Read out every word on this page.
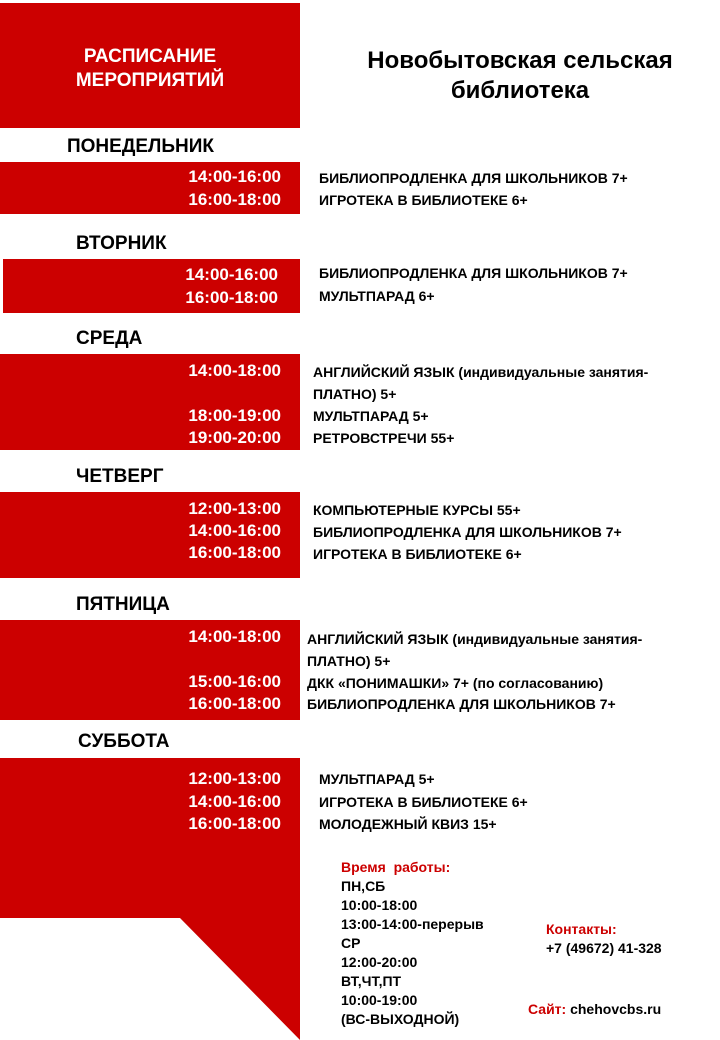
РАСПИСАНИЕ
МЕРОПРИЯТИЙ
Новобытовская сельская
библиотека
ПОНЕДЕЛЬНИК
14:00-16:00
16:00-18:00
БИБЛИОПРОДЛЕНКА ДЛЯ ШКОЛЬНИКОВ 7+
ИГРОТЕКА В БИБЛИОТЕКЕ 6+
ВТОРНИК
14:00-16:00
16:00-18:00
БИБЛИОПРОДЛЕНКА ДЛЯ ШКОЛЬНИКОВ 7+
МУЛЬТПАРАД 6+
СРЕДА
14:00-18:00
18:00-19:00
19:00-20:00
АНГЛИЙСКИЙ ЯЗЫК (индивидуальные занятия-
ПЛАТНО) 5+
МУЛЬТПАРАД 5+
РЕТРОВСТРЕЧИ 55+
ЧЕТВЕРГ
12:00-13:00
14:00-16:00
16:00-18:00
КОМПЬЮТЕРНЫЕ КУРСЫ 55+
БИБЛИОПРОДЛЕНКА ДЛЯ ШКОЛЬНИКОВ 7+
ИГРОТЕКА В БИБЛИОТЕКЕ 6+
ПЯТНИЦА
14:00-18:00
15:00-16:00
16:00-18:00
АНГЛИЙСКИЙ ЯЗЫК (индивидуальные занятия-
ПЛАТНО) 5+
ДКК «ПОНИМАШКИ» 7+ (по согласованию)
БИБЛИОПРОДЛЕНКА ДЛЯ ШКОЛЬНИКОВ 7+
СУББОТА
12:00-13:00
14:00-16:00
16:00-18:00
МУЛЬТПАРАД 5+
ИГРОТЕКА В БИБЛИОТЕКЕ 6+
МОЛОДЕЖНЫЙ КВИЗ 15+
Время  работы:
ПН,СБ
10:00-18:00
13:00-14:00-перерыв
СР
12:00-20:00
ВТ,ЧТ,ПТ
10:00-19:00
(ВС-ВЫХОДНОЙ)
Контакты:
+7 (49672) 41-328
Сайт: chehovcbs.ru
